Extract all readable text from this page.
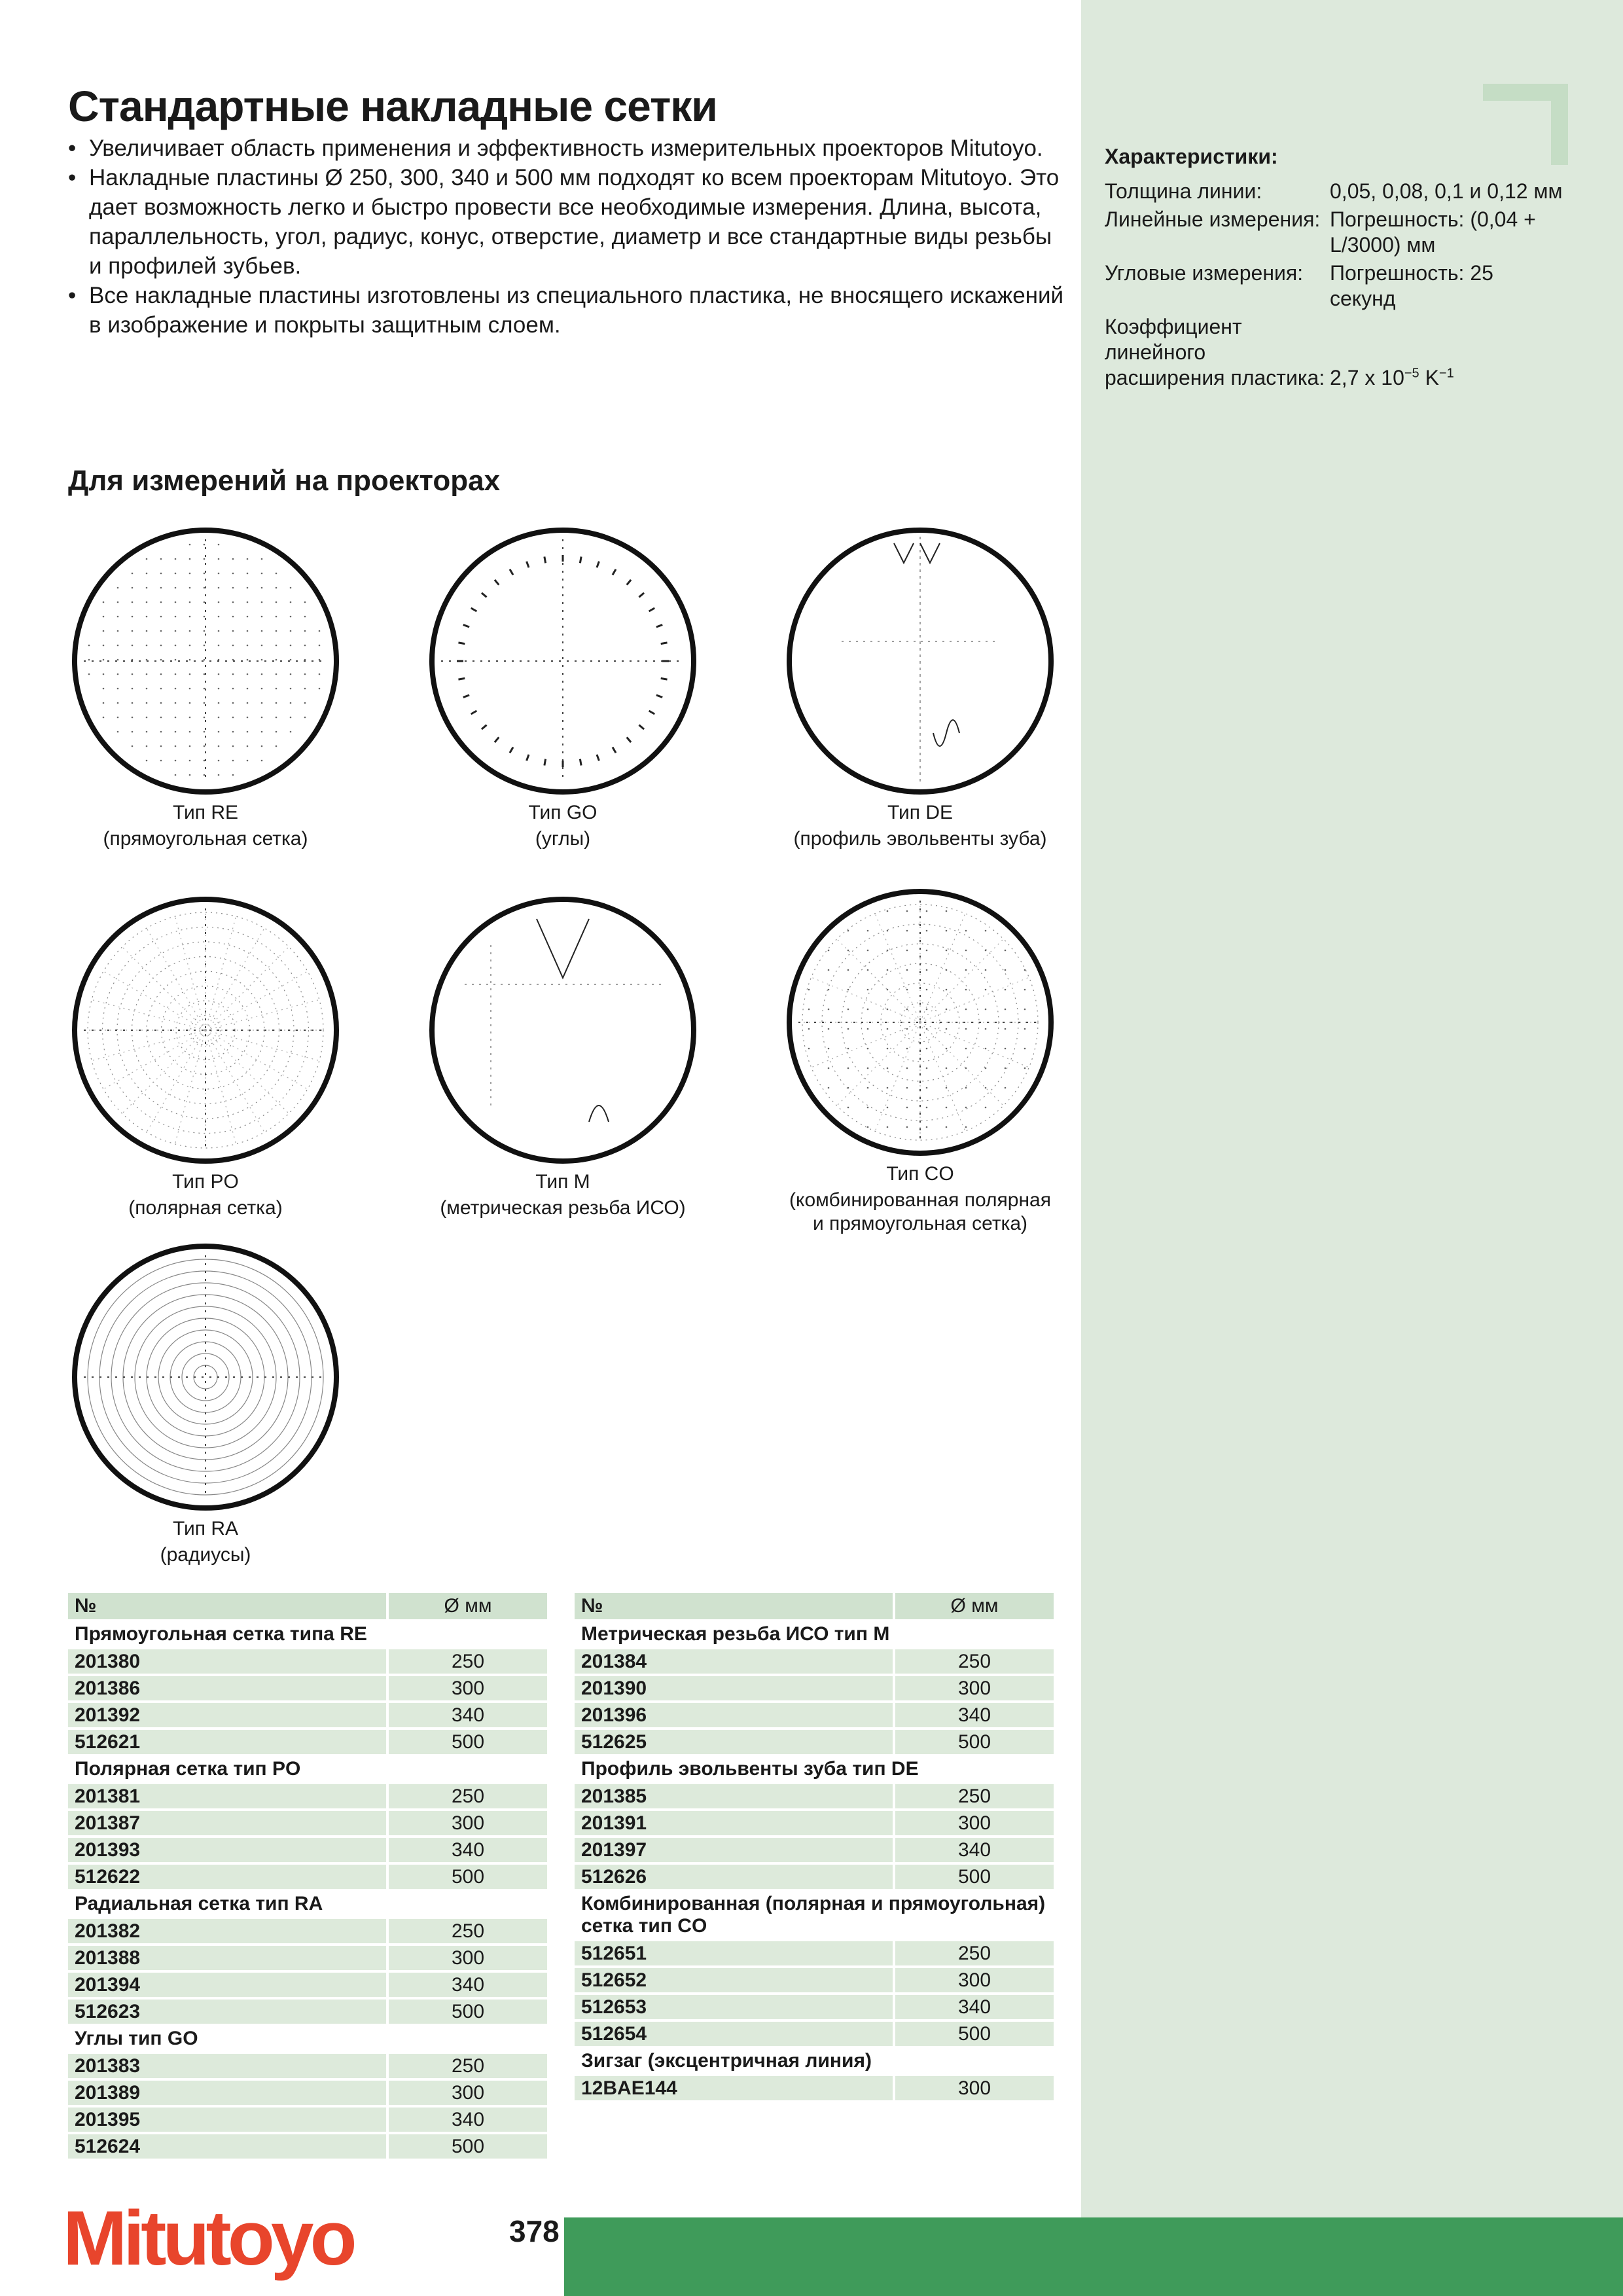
Стандартные накладные сетки
• Увеличивает область применения и эффективность измерительных проекторов Mitutoyo.
• Накладные пластины Ø 250, 300, 340 и 500 мм подходят ко всем проекторам Mitutoyo. Это дает возможность легко и быстро провести все необходимые измерения. Длина, высота, параллельность, угол, радиус, конус, отверстие, диаметр и все стандартные виды резьбы и профилей зубьев.
• Все накладные пластины изготовлены из специального пластика, не вносящего искажений в изображение и покрыты защитным слоем.
Характеристики:
Толщина линии:	0,05, 0,08, 0,1 и 0,12 мм
Линейные измерения: Погрешность: (0,04 + L/3000) мм
Угловые измерения:	Погрешность: 25 секунд
Коэффициент линейного расширения пластика: 2,7 x $10^{-5}$ $K^{-1}$
Для измерений на проекторах
Тип RE
(прямоугольная сетка)
Тип GO
(углы)
Тип DE
(профиль эвольвенты зуба)
Тип PO
(полярная сетка)
Тип M
(метрическая резьба ИСО)
Тип CO
(комбинированная полярная и прямоугольная сетка)
Тип RA
(радиусы)
№	Ø мм
Прямоугольная сетка типа RE	
201380	250
201386	300
201392	340
512621	500
Полярная сетка тип PO	
201381	250
201387	300
201393	340
512622	500
Радиальная сетка тип RA	
201382	250
201388	300
201394	340
512623	500
Углы тип GO	
201383	250
201389	300
201395	340
512624	500
№	Ø мм
Метрическая резьба ИСО тип M	
201384	250
201390	300
201396	340
512625	500
Профиль эвольвенты зуба тип DE	
201385	250
201391	300
201397	340
512626	500
Комбинированная (полярная и прямоугольная) сетка тип CO	
512651	250
512652	300
512653	340
512654	500
Зигзаг (эксцентричная линия)	
12BAE144	300
Mitutoyo	378
